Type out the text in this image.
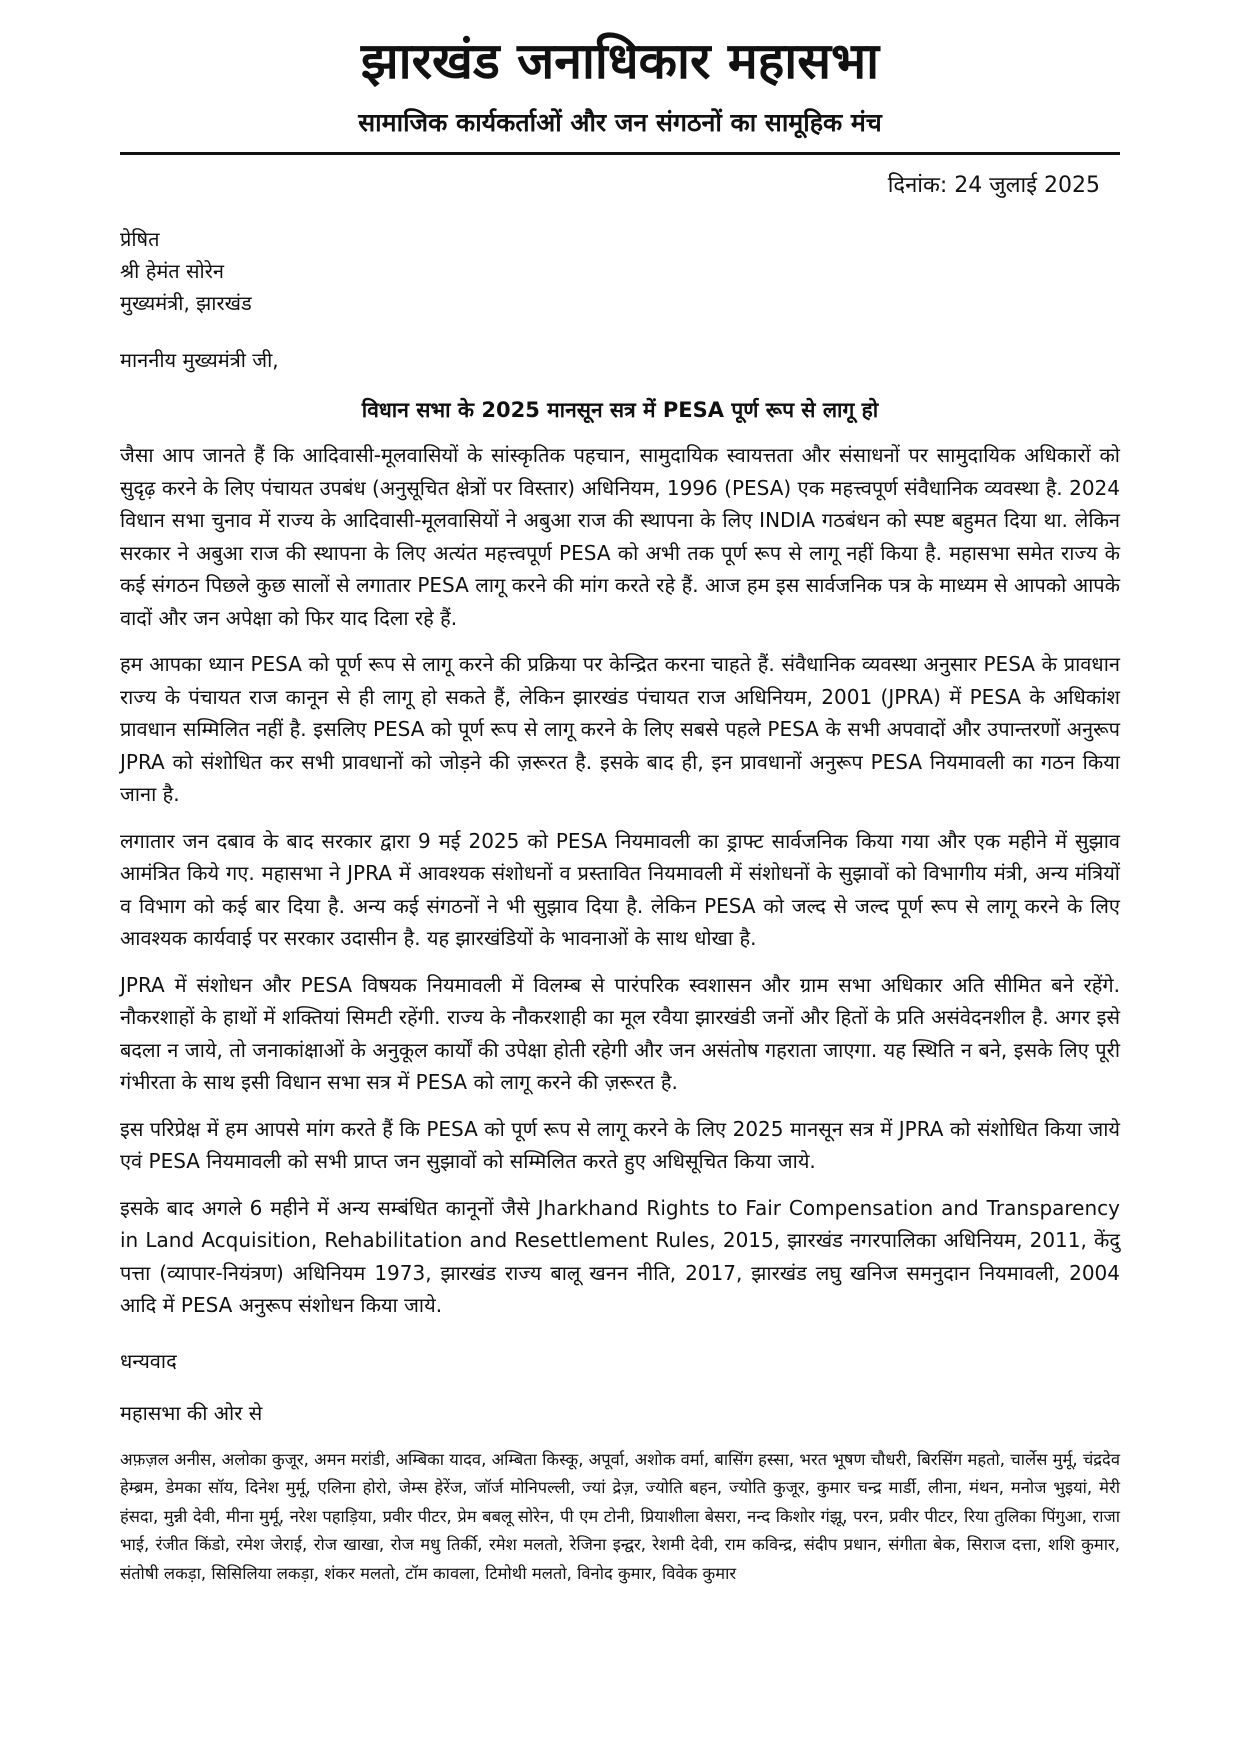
झारखंड जनाधिकार महासभा
सामाजिक कार्यकर्ताओं और जन संगठनों का सामूहिक मंच
दिनांक: 24 जुलाई 2025
प्रेषित
श्री हेमंत सोरेन
मुख्यमंत्री, झारखंड
माननीय मुख्यमंत्री जी,
विधान सभा के 2025 मानसून सत्र में PESA पूर्ण रूप से लागू हो

जैसा आप जानते हैं कि आदिवासी-मूलवासियों के सांस्कृतिक पहचान, सामुदायिक स्वायत्तता और संसाधनों पर सामुदायिक अधिकारों को सुदृढ़ करने के लिए पंचायत उपबंध (अनुसूचित क्षेत्रों पर विस्तार) अधिनियम, 1996 (PESA) एक महत्त्वपूर्ण संवैधानिक व्यवस्था है. 2024 विधान सभा चुनाव में राज्य के आदिवासी-मूलवासियों ने अबुआ राज की स्थापना के लिए INDIA गठबंधन को स्पष्ट बहुमत दिया था. लेकिन सरकार ने अबुआ राज की स्थापना के लिए अत्यंत महत्त्वपूर्ण PESA को अभी तक पूर्ण रूप से लागू नहीं किया है. महासभा समेत राज्य के कई संगठन पिछले कुछ सालों से लगातार PESA लागू करने की मांग करते रहे हैं. आज हम इस सार्वजनिक पत्र के माध्यम से आपको आपके वादों और जन अपेक्षा को फिर याद दिला रहे हैं.

हम आपका ध्यान PESA को पूर्ण रूप से लागू करने की प्रक्रिया पर केन्द्रित करना चाहते हैं. संवैधानिक व्यवस्था अनुसार PESA के प्रावधान राज्य के पंचायत राज कानून से ही लागू हो सकते हैं, लेकिन झारखंड पंचायत राज अधिनियम, 2001 (JPRA) में PESA के अधिकांश प्रावधान सम्मिलित नहीं है. इसलिए PESA को पूर्ण रूप से लागू करने के लिए सबसे पहले PESA के सभी अपवादों और उपान्तरणों अनुरूप JPRA को संशोधित कर सभी प्रावधानों को जोड़ने की ज़रूरत है. इसके बाद ही, इन प्रावधानों अनुरूप PESA नियमावली का गठन किया जाना है.

लगातार जन दबाव के बाद सरकार द्वारा 9 मई 2025 को PESA नियमावली का ड्राफ्ट सार्वजनिक किया गया और एक महीने में सुझाव आमंत्रित किये गए. महासभा ने JPRA में आवश्यक संशोधनों व प्रस्तावित नियमावली में संशोधनों के सुझावों को विभागीय मंत्री, अन्य मंत्रियों व विभाग को कई बार दिया है. अन्य कई संगठनों ने भी सुझाव दिया है. लेकिन PESA को जल्द से जल्द पूर्ण रूप से लागू करने के लिए आवश्यक कार्यवाई पर सरकार उदासीन है. यह झारखंडियों के भावनाओं के साथ धोखा है.

JPRA में संशोधन और PESA विषयक नियमावली में विलम्ब से पारंपरिक स्वशासन और ग्राम सभा अधिकार अति सीमित बने रहेंगे. नौकरशाहों के हाथों में शक्तियां सिमटी रहेंगी. राज्य के नौकरशाही का मूल रवैया झारखंडी जनों और हितों के प्रति असंवेदनशील है. अगर इसे बदला न जाये, तो जनाकांक्षाओं के अनुकूल कार्यों की उपेक्षा होती रहेगी और जन असंतोष गहराता जाएगा. यह स्थिति न बने, इसके लिए पूरी गंभीरता के साथ इसी विधान सभा सत्र में PESA को लागू करने की ज़रूरत है.

इस परिप्रेक्ष में हम आपसे मांग करते हैं कि PESA को पूर्ण रूप से लागू करने के लिए 2025 मानसून सत्र में JPRA को संशोधित किया जाये एवं PESA नियमावली को सभी प्राप्त जन सुझावों को सम्मिलित करते हुए अधिसूचित किया जाये.

इसके बाद अगले 6 महीने में अन्य सम्बंधित कानूनों जैसे Jharkhand Rights to Fair Compensation and Transparency in Land Acquisition, Rehabilitation and Resettlement Rules, 2015, झारखंड नगरपालिका अधिनियम, 2011, केंदु पत्ता (व्यापार-नियंत्रण) अधिनियम 1973, झारखंड राज्य बालू खनन नीति, 2017, झारखंड लघु खनिज समनुदान नियमावली, 2004 आदि में PESA अनुरूप संशोधन किया जाये.

धन्यवाद
महासभा की ओर से
अफ़ज़ल अनीस, अलोका कुजूर, अमन मरांडी, अम्बिका यादव, अम्बिता किस्कू, अपूर्वा, अशोक वर्मा, बासिंग हस्सा, भरत भूषण चौधरी, बिरसिंग महतो, चार्लेस मुर्मू, चंद्रदेव हेम्ब्रम, डेमका सॉय, दिनेश मुर्मू, एलिना होरो, जेम्स हेरेंज, जॉर्ज मोनिपल्ली, ज्यां द्रेज़, ज्योति बहन, ज्योति कुजूर, कुमार चन्द्र मार्डी, लीना, मंथन, मनोज भुइयां, मेरी हंसदा, मुन्नी देवी, मीना मुर्मू, नरेश पहाड़िया, प्रवीर पीटर, प्रेम बबलू सोरेन, पी एम टोनी, प्रियाशीला बेसरा, नन्द किशोर गंझू, परन, प्रवीर पीटर, रिया तुलिका पिंगुआ, राजा भाई, रंजीत किंडो, रमेश जेराई, रोज खाखा, रोज मधु तिर्की, रमेश मलतो, रेजिना इन्द्वर, रेशमी देवी, राम कविन्द्र, संदीप प्रधान, संगीता बेक, सिराज दत्ता, शशि कुमार, संतोषी लकड़ा, सिसिलिया लकड़ा, शंकर मलतो, टॉम कावला, टिमोथी मलतो, विनोद कुमार, विवेक कुमार
